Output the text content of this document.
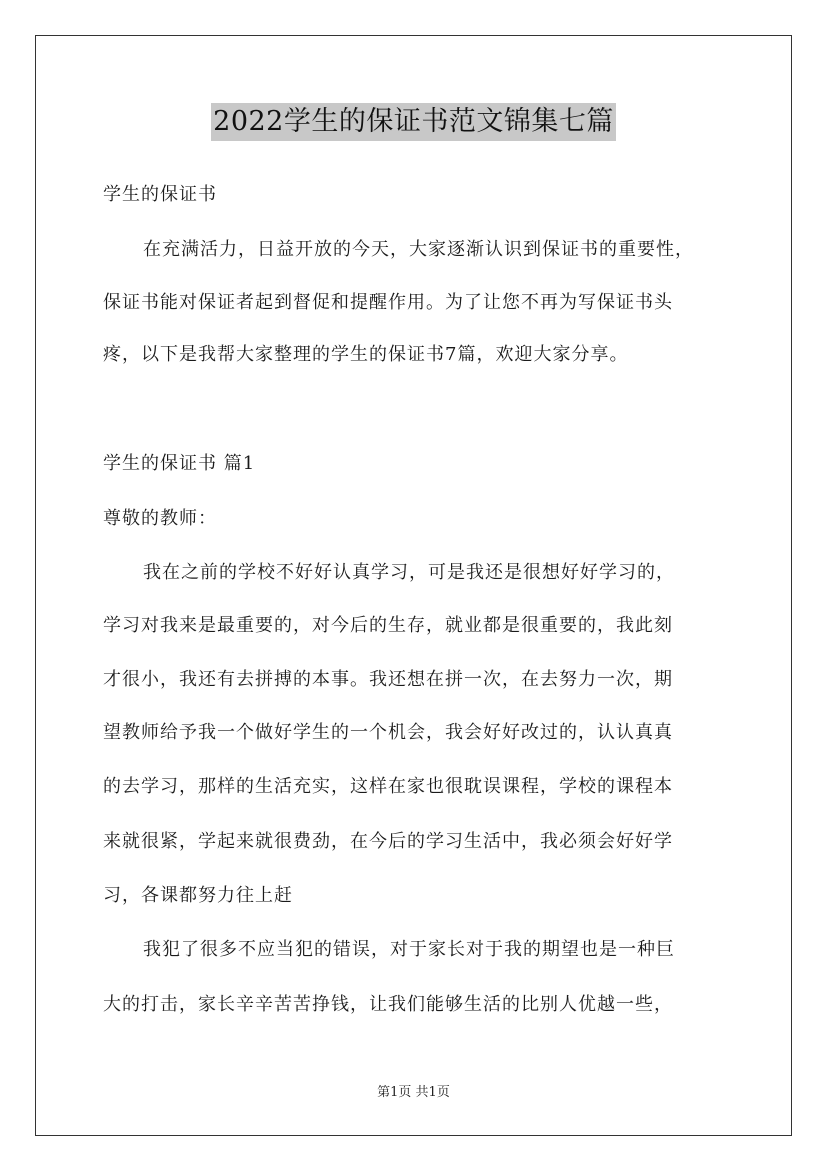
2022学生的保证书范文锦集七篇
学生的保证书
在充满活力，日益开放的今天，大家逐渐认识到保证书的重要性，
保证书能对保证者起到督促和提醒作用。为了让您不再为写保证书头
疼，以下是我帮大家整理的学生的保证书7篇，欢迎大家分享。
学生的保证书 篇1
尊敬的教师：
我在之前的学校不好好认真学习，可是我还是很想好好学习的，
学习对我来是最重要的，对今后的生存，就业都是很重要的，我此刻
才很小，我还有去拼搏的本事。我还想在拼一次，在去努力一次，期
望教师给予我一个做好学生的一个机会，我会好好改过的，认认真真
的去学习，那样的生活充实，这样在家也很耽误课程，学校的课程本
来就很紧，学起来就很费劲，在今后的学习生活中，我必须会好好学
习，各课都努力往上赶
我犯了很多不应当犯的错误，对于家长对于我的期望也是一种巨
大的打击，家长辛辛苦苦挣钱，让我们能够生活的比别人优越一些，
第1页 共1页
